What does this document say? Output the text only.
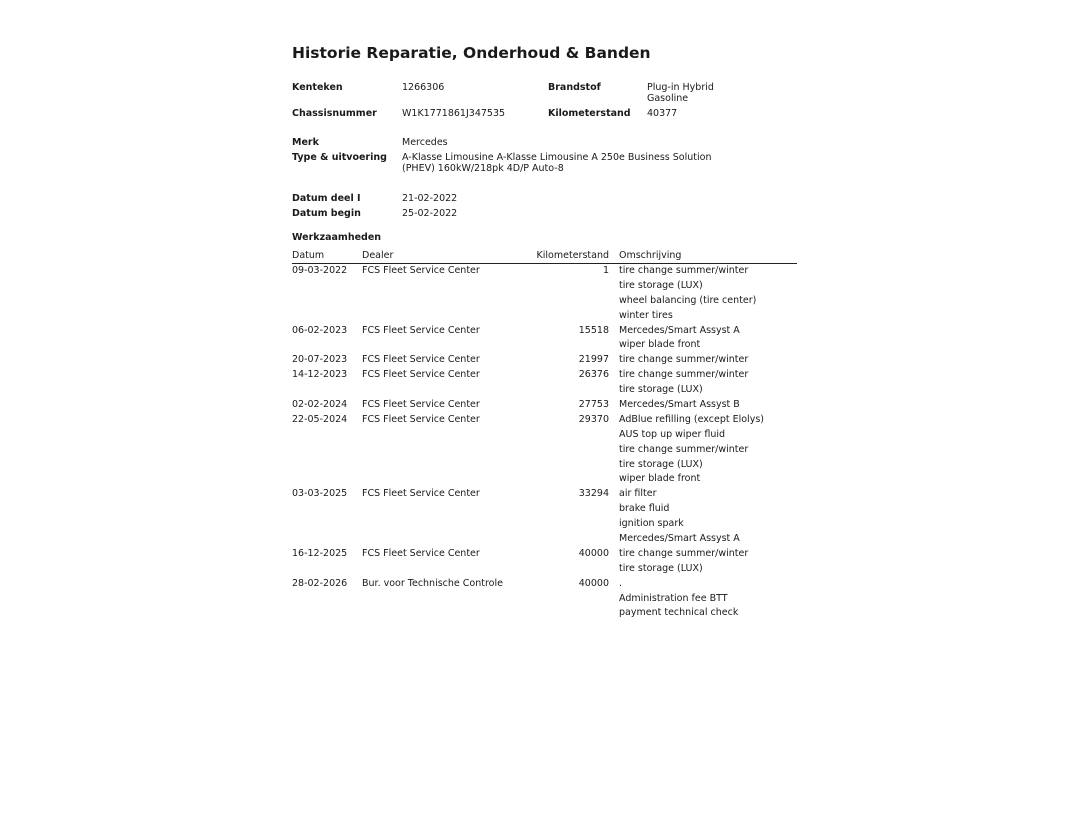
Historie Reparatie, Onderhoud & Banden
Kenteken	1266306	Brandstof	Plug-in Hybrid
Gasoline
Chassisnummer	W1K1771861J347535	Kilometerstand 40377
Merk	Mercedes
Type & uitvoering A-Klasse Limousine A-Klasse Limousine A 250e Business Solution
(PHEV) 160kW/218pk 4D/P Auto-8
Datum deel I	21-02-2022
Datum begin	25-02-2022
Werkzaamheden
Datum	Dealer	Kilometerstand Omschrijving
09-03-2022 FCS Fleet Service Center	1 tire change summer/winter
tire storage (LUX)
wheel balancing (tire center)
winter tires
06-02-2023 FCS Fleet Service Center	15518 Mercedes/Smart Assyst A
wiper blade front
20-07-2023 FCS Fleet Service Center	21997 tire change summer/winter
14-12-2023 FCS Fleet Service Center	26376 tire change summer/winter
tire storage (LUX)
02-02-2024 FCS Fleet Service Center	27753 Mercedes/Smart Assyst B
22-05-2024 FCS Fleet Service Center	29370 AdBlue refilling (except Elolys)
AUS top up wiper fluid
tire change summer/winter
tire storage (LUX)
wiper blade front
03-03-2025 FCS Fleet Service Center	33294 air filter
brake fluid
ignition spark
Mercedes/Smart Assyst A
16-12-2025 FCS Fleet Service Center	40000 tire change summer/winter
tire storage (LUX)
28-02-2026 Bur. voor Technische Controle	40000 .
Administration fee BTT
payment technical check
